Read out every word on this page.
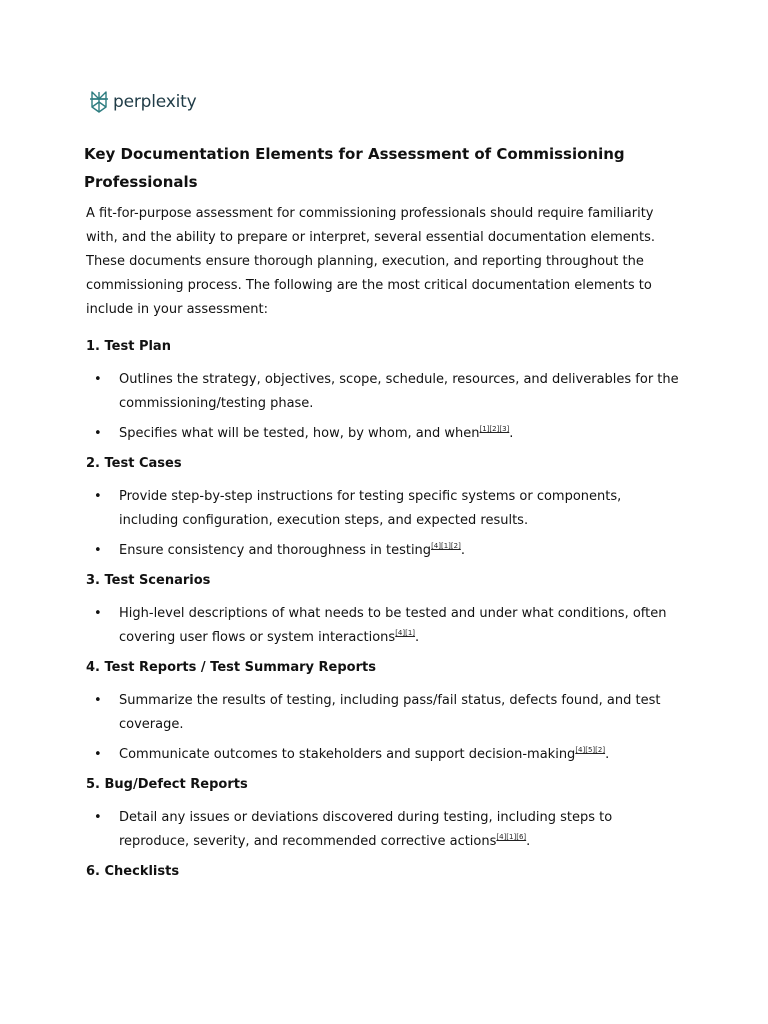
perplexity
Key Documentation Elements for Assessment of Commissioning Professionals

A fit-for-purpose assessment for commissioning professionals should require familiarity with, and the ability to prepare or interpret, several essential documentation elements. These documents ensure thorough planning, execution, and reporting throughout the commissioning process. The following are the most critical documentation elements to include in your assessment:

1. Test Plan
• Outlines the strategy, objectives, scope, schedule, resources, and deliverables for the commissioning/testing phase.
• Specifies what will be tested, how, by whom, and when[1][2][3].
2. Test Cases
• Provide step-by-step instructions for testing specific systems or components, including configuration, execution steps, and expected results.
• Ensure consistency and thoroughness in testing[4][1][2].
3. Test Scenarios
• High-level descriptions of what needs to be tested and under what conditions, often covering user flows or system interactions[4][1].
4. Test Reports / Test Summary Reports
• Summarize the results of testing, including pass/fail status, defects found, and test coverage.
• Communicate outcomes to stakeholders and support decision-making[4][5][2].
5. Bug/Defect Reports
• Detail any issues or deviations discovered during testing, including steps to reproduce, severity, and recommended corrective actions[4][1][6].
6. Checklists
